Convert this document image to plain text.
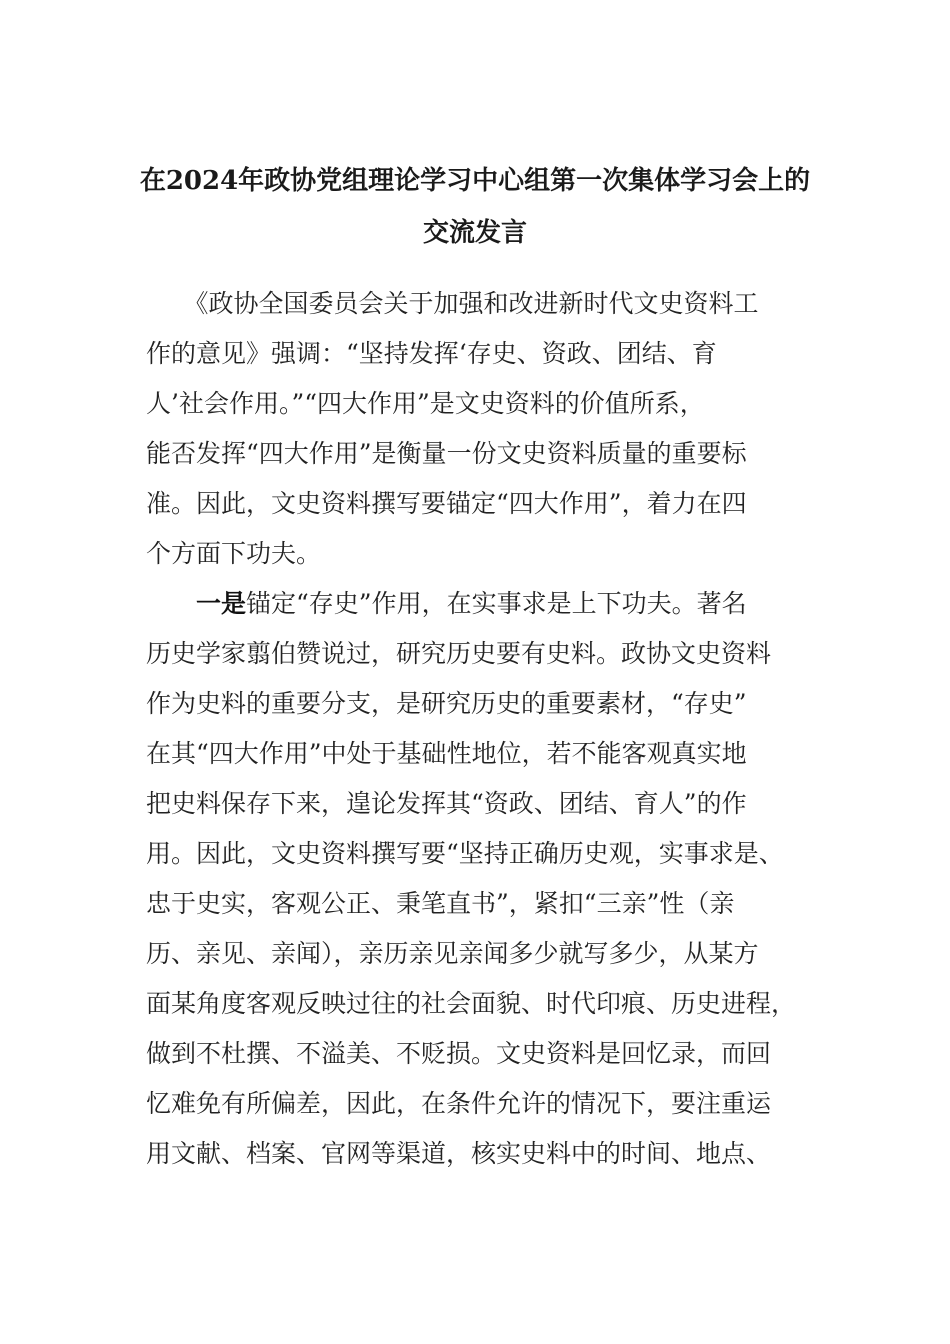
在2024年政协党组理论学习中心组第一次集体学习会上的
交流发言
　　《政协全国委员会关于加强和改进新时代文史资料工
作的意见》强调：“坚持发挥‘存史、资政、团结、育
人’社会作用。”“四大作用”是文史资料的价值所系，
能否发挥“四大作用”是衡量一份文史资料质量的重要标
准。因此，文史资料撰写要锚定“四大作用”，着力在四
个方面下功夫。
　　一是锚定“存史”作用，在实事求是上下功夫。著名
历史学家翦伯赞说过，研究历史要有史料。政协文史资料
作为史料的重要分支，是研究历史的重要素材，“存史”
在其“四大作用”中处于基础性地位，若不能客观真实地
把史料保存下来，遑论发挥其“资政、团结、育人”的作
用。因此，文史资料撰写要“坚持正确历史观，实事求是、
忠于史实，客观公正、秉笔直书”，紧扣“三亲”性（亲
历、亲见、亲闻），亲历亲见亲闻多少就写多少，从某方
面某角度客观反映过往的社会面貌、时代印痕、历史进程，
做到不杜撰、不溢美、不贬损。文史资料是回忆录，而回
忆难免有所偏差，因此，在条件允许的情况下，要注重运
用文献、档案、官网等渠道，核实史料中的时间、地点、
